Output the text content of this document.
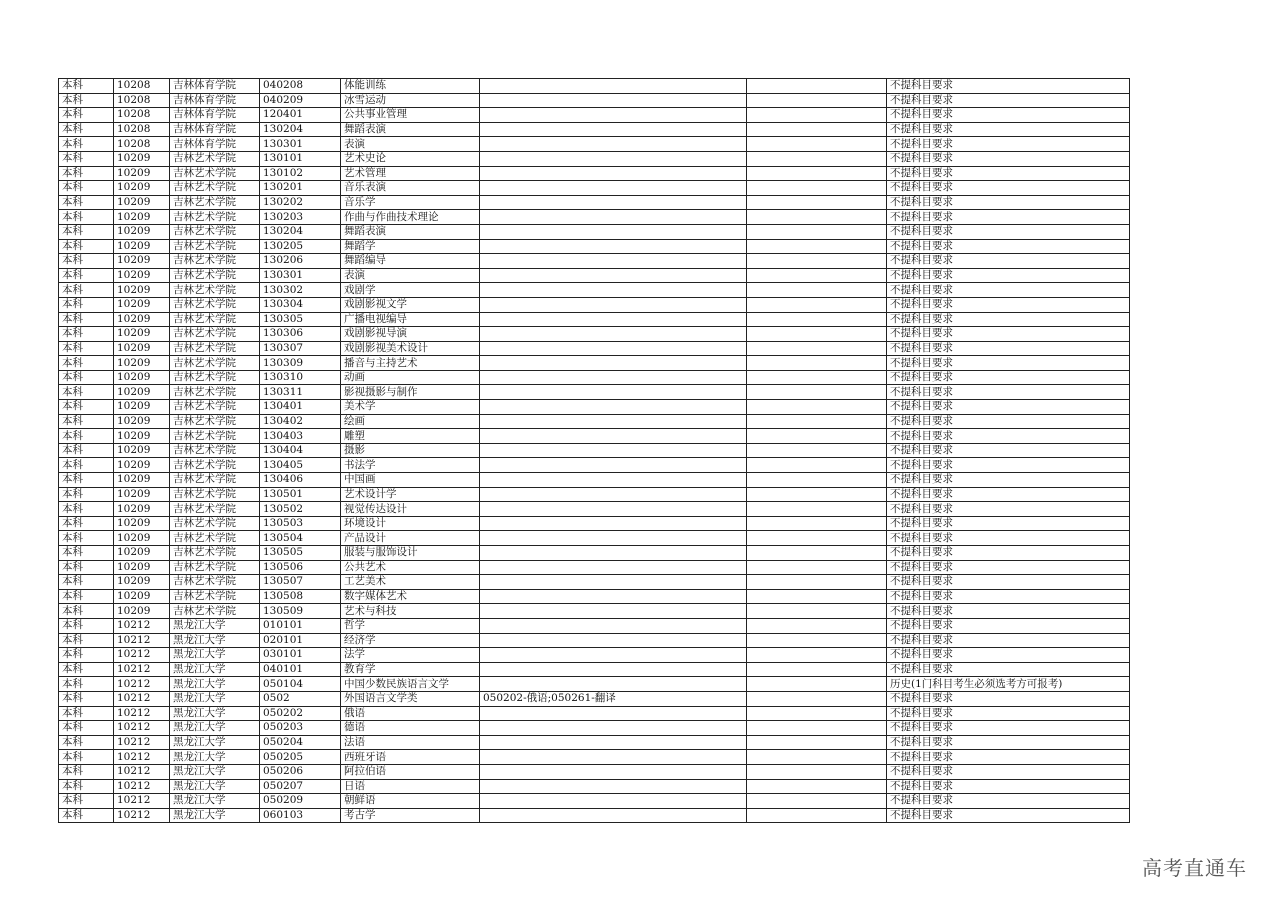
本科	10208	吉林体育学院	040208	体能训练			不提科目要求
本科	10208	吉林体育学院	040209	冰雪运动			不提科目要求
本科	10208	吉林体育学院	120401	公共事业管理			不提科目要求
本科	10208	吉林体育学院	130204	舞蹈表演			不提科目要求
本科	10208	吉林体育学院	130301	表演			不提科目要求
本科	10209	吉林艺术学院	130101	艺术史论			不提科目要求
本科	10209	吉林艺术学院	130102	艺术管理			不提科目要求
本科	10209	吉林艺术学院	130201	音乐表演			不提科目要求
本科	10209	吉林艺术学院	130202	音乐学			不提科目要求
本科	10209	吉林艺术学院	130203	作曲与作曲技术理论			不提科目要求
本科	10209	吉林艺术学院	130204	舞蹈表演			不提科目要求
本科	10209	吉林艺术学院	130205	舞蹈学			不提科目要求
本科	10209	吉林艺术学院	130206	舞蹈编导			不提科目要求
本科	10209	吉林艺术学院	130301	表演			不提科目要求
本科	10209	吉林艺术学院	130302	戏剧学			不提科目要求
本科	10209	吉林艺术学院	130304	戏剧影视文学			不提科目要求
本科	10209	吉林艺术学院	130305	广播电视编导			不提科目要求
本科	10209	吉林艺术学院	130306	戏剧影视导演			不提科目要求
本科	10209	吉林艺术学院	130307	戏剧影视美术设计			不提科目要求
本科	10209	吉林艺术学院	130309	播音与主持艺术			不提科目要求
本科	10209	吉林艺术学院	130310	动画			不提科目要求
本科	10209	吉林艺术学院	130311	影视摄影与制作			不提科目要求
本科	10209	吉林艺术学院	130401	美术学			不提科目要求
本科	10209	吉林艺术学院	130402	绘画			不提科目要求
本科	10209	吉林艺术学院	130403	雕塑			不提科目要求
本科	10209	吉林艺术学院	130404	摄影			不提科目要求
本科	10209	吉林艺术学院	130405	书法学			不提科目要求
本科	10209	吉林艺术学院	130406	中国画			不提科目要求
本科	10209	吉林艺术学院	130501	艺术设计学			不提科目要求
本科	10209	吉林艺术学院	130502	视觉传达设计			不提科目要求
本科	10209	吉林艺术学院	130503	环境设计			不提科目要求
本科	10209	吉林艺术学院	130504	产品设计			不提科目要求
本科	10209	吉林艺术学院	130505	服装与服饰设计			不提科目要求
本科	10209	吉林艺术学院	130506	公共艺术			不提科目要求
本科	10209	吉林艺术学院	130507	工艺美术			不提科目要求
本科	10209	吉林艺术学院	130508	数字媒体艺术			不提科目要求
本科	10209	吉林艺术学院	130509	艺术与科技			不提科目要求
本科	10212	黑龙江大学	010101	哲学			不提科目要求
本科	10212	黑龙江大学	020101	经济学			不提科目要求
本科	10212	黑龙江大学	030101	法学			不提科目要求
本科	10212	黑龙江大学	040101	教育学			不提科目要求
本科	10212	黑龙江大学	050104	中国少数民族语言文学			历史(1门科目考生必须选考方可报考)
本科	10212	黑龙江大学	0502	外国语言文学类	050202-俄语;050261-翻译		不提科目要求
本科	10212	黑龙江大学	050202	俄语			不提科目要求
本科	10212	黑龙江大学	050203	德语			不提科目要求
本科	10212	黑龙江大学	050204	法语			不提科目要求
本科	10212	黑龙江大学	050205	西班牙语			不提科目要求
本科	10212	黑龙江大学	050206	阿拉伯语			不提科目要求
本科	10212	黑龙江大学	050207	日语			不提科目要求
本科	10212	黑龙江大学	050209	朝鲜语			不提科目要求
本科	10212	黑龙江大学	060103	考古学			不提科目要求
高考直通车
